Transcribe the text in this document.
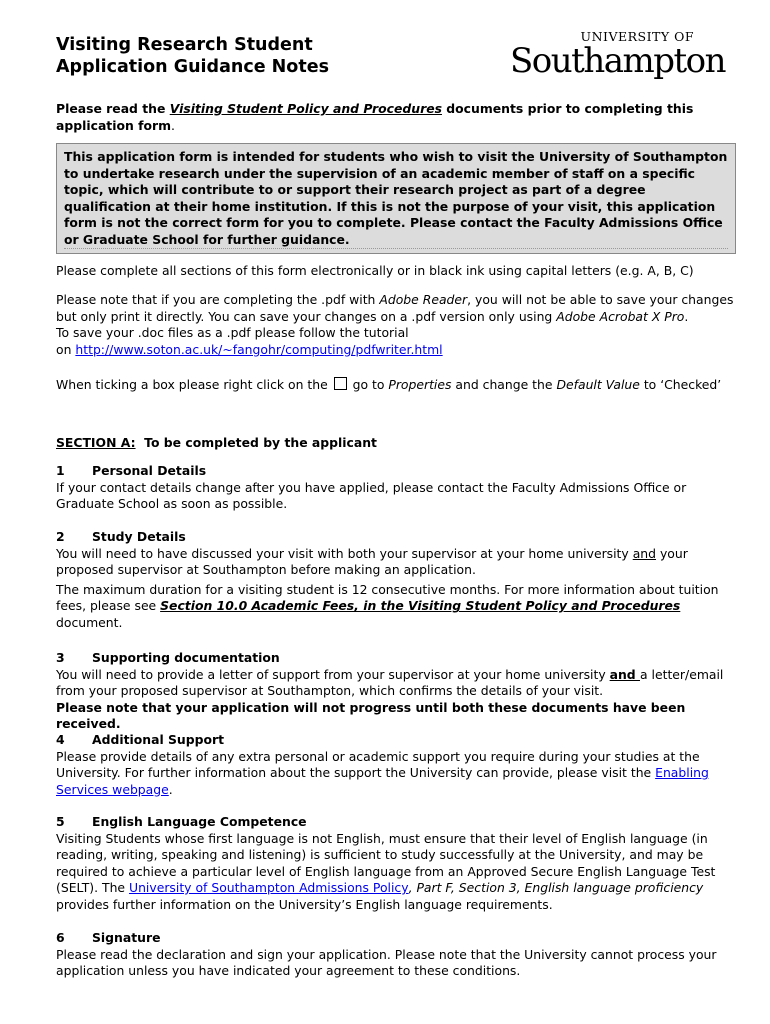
Visiting Research Student
Application Guidance Notes
UNIVERSITY OF
Southampton
Please read the Visiting Student Policy and Procedures documents prior to completing this application form.
This application form is intended for students who wish to visit the University of Southampton to undertake research under the supervision of an academic member of staff on a specific topic, which will contribute to or support their research project as part of a degree qualification at their home institution. If this is not the purpose of your visit, this application form is not the correct form for you to complete. Please contact the Faculty Admissions Office or Graduate School for further guidance.
Please complete all sections of this form electronically or in black ink using capital letters (e.g. A, B, C)
Please note that if you are completing the .pdf with Adobe Reader, you will not be able to save your changes but only print it directly. You can save your changes on a .pdf version only using Adobe Acrobat X Pro.
To save your .doc files as a .pdf please follow the tutorial
on http://www.soton.ac.uk/~fangohr/computing/pdfwriter.html
When ticking a box please right click on the  go to Properties and change the Default Value to ‘Checked’
SECTION A:  To be completed by the applicant
1 Personal Details

If your contact details change after you have applied, please contact the Faculty Admissions Office or Graduate School as soon as possible.

2 Study Details

You will need to have discussed your visit with both your supervisor at your home university and your proposed supervisor at Southampton before making an application.

The maximum duration for a visiting student is 12 consecutive months. For more information about tuition fees, please see Section 10.0 Academic Fees, in the Visiting Student Policy and Procedures document.

3 Supporting documentation

You will need to provide a letter of support from your supervisor at your home university and a letter/email from your proposed supervisor at Southampton, which confirms the details of your visit.

Please note that your application will not progress until both these documents have been received.

4 Additional Support

Please provide details of any extra personal or academic support you require during your studies at the University. For further information about the support the University can provide, please visit the Enabling Services webpage.

5 English Language Competence

Visiting Students whose first language is not English, must ensure that their level of English language (in reading, writing, speaking and listening) is sufficient to study successfully at the University, and may be required to achieve a particular level of English language from an Approved Secure English Language Test (SELT). The University of Southampton Admissions Policy, Part F, Section 3, English language proficiency provides further information on the University’s English language requirements.

6 Signature

Please read the declaration and sign your application. Please note that the University cannot process your application unless you have indicated your agreement to these conditions.
